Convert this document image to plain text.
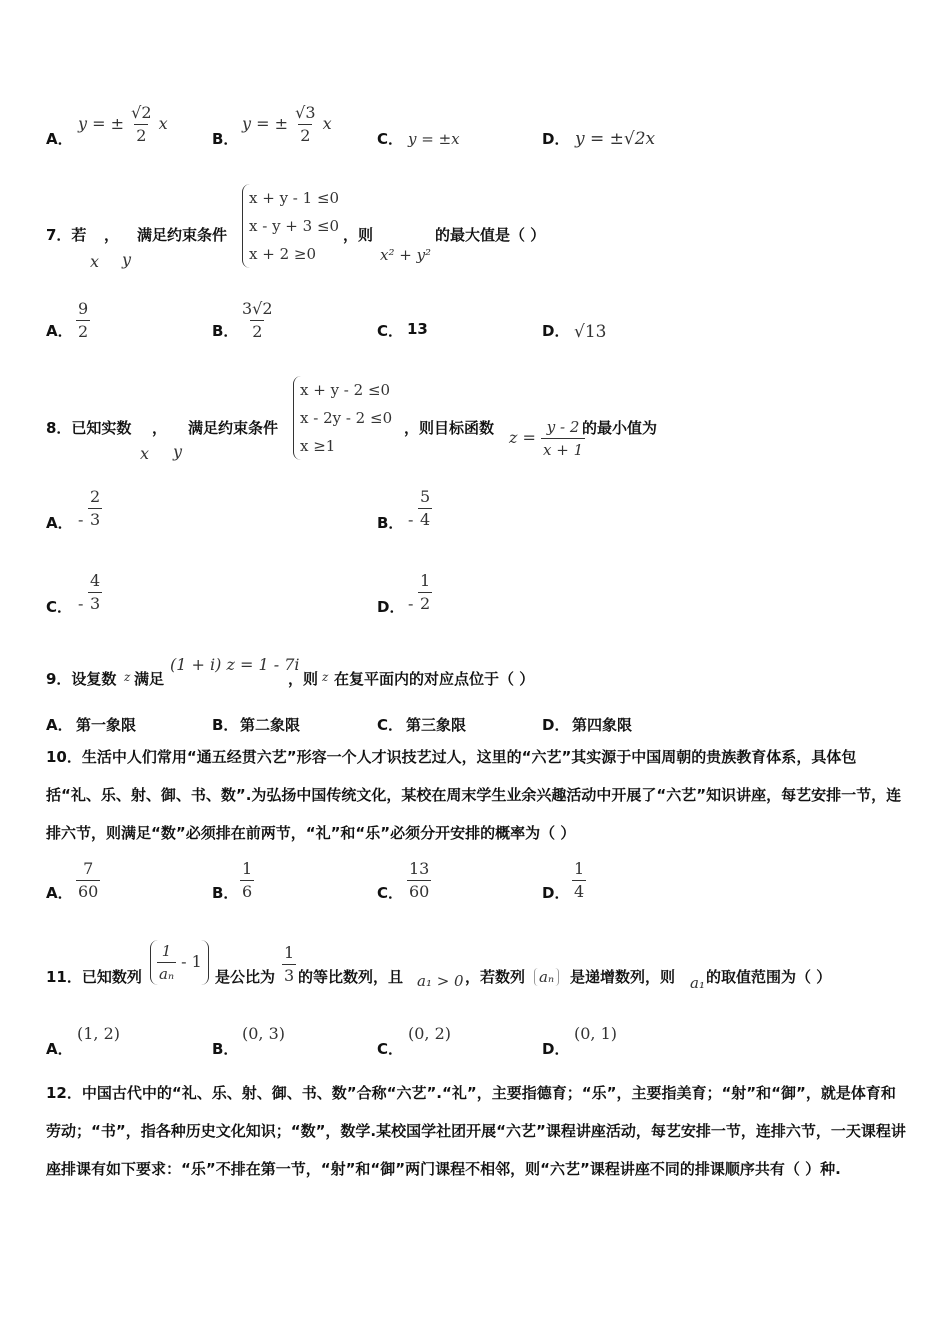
A．
y = ± $\frac{√2}{2}$ x
B．
y = ± $\frac{√3}{2}$ x
C． y = ±x	D． y = ±√2x
7．若 ， 满足约束条件
x y
x + y - 1 ≤0
x - y + 3 ≤0
x + 2 ≥0
，则
x² + y²
的最大值是（ ）
A． $\frac{9}{2}$	B． $\frac{3√2}{2}$	C． 13	D． √13
8．已知实数 ， 满足约束条件
x y
x + y - 2 ≤0
x - 2y - 2 ≤0
x ≥1
，则目标函数 $z = \frac{y - 2}{x + 1}$
的最小值为
A． - $\frac{2}{3}$	B． - $\frac{5}{4}$
C． - $\frac{4}{3}$	D． - $\frac{1}{2}$
9．设复数 z 满足
(1 + i) z = 1 - 7i
，则 z 在复平面内的对应点位于（ ）
A． 第一象限	B． 第二象限	C． 第三象限	D． 第四象限
10．生活中人们常用“通五经贯六艺”形容一个人才识技艺过人，这里的“六艺”其实源于中国周朝的贵族教育体系，具体包括“礼、乐、射、御、书、数”.为弘扬中国传统文化，某校在周末学生业余兴趣活动中开展了“六艺”知识讲座，每艺安排一节，连排六节，则满足“数”必须排在前两节，“礼”和“乐”必须分开安排的概率为（ ）
A． $\frac{7}{60}$	B． $\frac{1}{6}$	C． $\frac{13}{60}$	D． $\frac{1}{4}$
11．已知数列 $\frac{1}{\text{aₙ}} - 1$
是公比为 $\frac{1}{3}$ 的等比数列，且 a₁ > 0 ，若数列 aₙ	是递增数列，则 a₁ 的取值范围为（ ）
A．
(1, 2)
B．
(0, 3)
C．
(0, 2)
D．
(0, 1)
12．中国古代中的“礼、乐、射、御、书、数”合称“六艺”.“礼”，主要指德育；“乐”，主要指美育；“射”和“御”，就是体育和劳动；“书”，指各种历史文化知识；“数”，数学.某校国学社团开展“六艺”课程讲座活动，每艺安排一节，连排六节，一天课程讲座排课有如下要求：“乐”不排在第一节，“射”和“御”两门课程不相邻，则“六艺”课程讲座不同的排课顺序共有（ ）种.
